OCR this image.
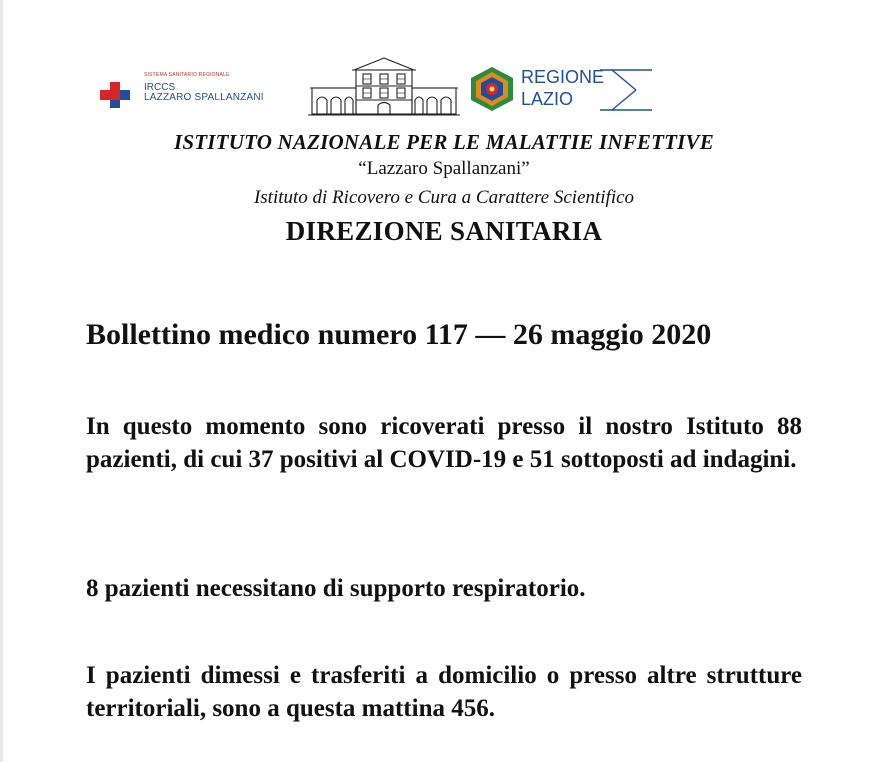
SISTEMA SANITARIO REGIONALE
IRCCS
LAZZARO SPALLANZANI
REGIONE
LAZIO
ISTITUTO NAZIONALE PER LE MALATTIE INFETTIVE
“Lazzaro Spallanzani”
Istituto di Ricovero e Cura a Carattere Scientifico
DIREZIONE SANITARIA
Bollettino medico numero 117 — 26 maggio 2020
In questo momento sono ricoverati presso il nostro Istituto 88 pazienti, di cui 37 positivi al COVID-19 e 51 sottoposti ad indagini.
8 pazienti necessitano di supporto respiratorio.
I pazienti dimessi e trasferiti a domicilio o presso altre strutture territoriali, sono a questa mattina 456.
